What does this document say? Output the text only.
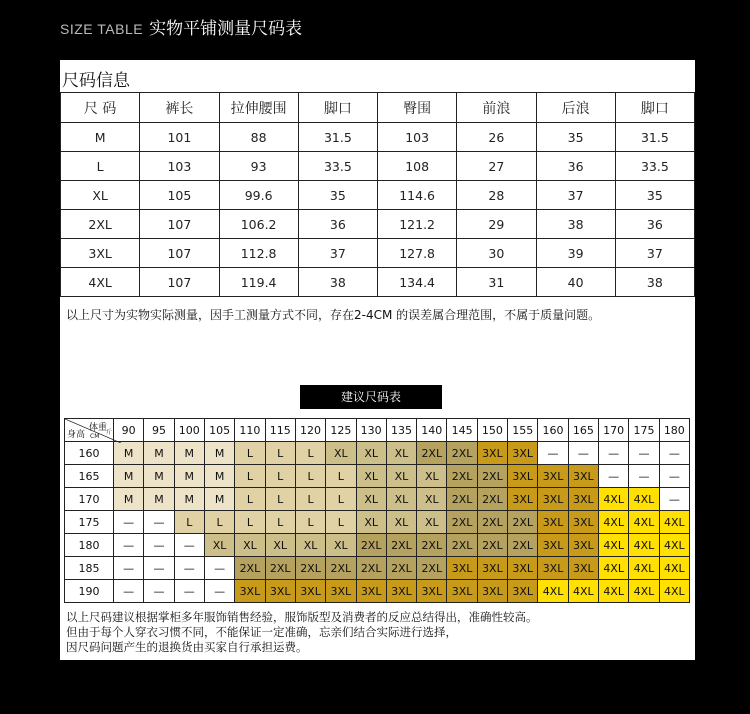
SIZE TABLE 实物平铺测量尺码表
尺码信息
尺 码	裤长	拉伸腰围	脚口	臀围	前浪	后浪	脚口
M	101	88	31.5	103	26	35	31.5
L	103	93	33.5	108	27	36	33.5
XL	105	99.6	35	114.6	28	37	35
2XL	107	106.2	36	121.2	29	38	36
3XL	107	112.8	37	127.8	30	39	37
4XL	107	119.4	38	134.4	31	40	38
以上尺寸为实物实际测量，因手工测量方式不同，存在2-4CM 的误差属合理范围，不属于质量问题。
建议尺码表
体重
斤
身高 CM	90	95	100	105	110	115	120	125	130	135	140	145	150	155	160	165	170	175	180
160	M	M	M	M	L	L	L	XL	XL	XL	2XL	2XL	3XL	3XL	—	—	—	—	—
165	M	M	M	M	L	L	L	L	XL	XL	XL	2XL	2XL	3XL	3XL	3XL	—	—	—
170	M	M	M	M	L	L	L	L	XL	XL	XL	2XL	2XL	3XL	3XL	3XL	4XL	4XL	—
175	—	—	L	L	L	L	L	L	XL	XL	XL	2XL	2XL	2XL	3XL	3XL	4XL	4XL	4XL
180	—	—	—	XL	XL	XL	XL	XL	2XL	2XL	2XL	2XL	2XL	2XL	3XL	3XL	4XL	4XL	4XL
185	—	—	—	—	2XL	2XL	2XL	2XL	2XL	2XL	2XL	3XL	3XL	3XL	3XL	3XL	4XL	4XL	4XL
190	—	—	—	—	3XL	3XL	3XL	3XL	3XL	3XL	3XL	3XL	3XL	3XL	4XL	4XL	4XL	4XL	4XL
以上尺码建议根据掌柜多年服饰销售经验，服饰版型及消费者的反应总结得出，准确性较高。
但由于每个人穿衣习惯不同，不能保证一定准确，忘亲们结合实际进行选择，
因尺码问题产生的退换货由买家自行承担运费。
